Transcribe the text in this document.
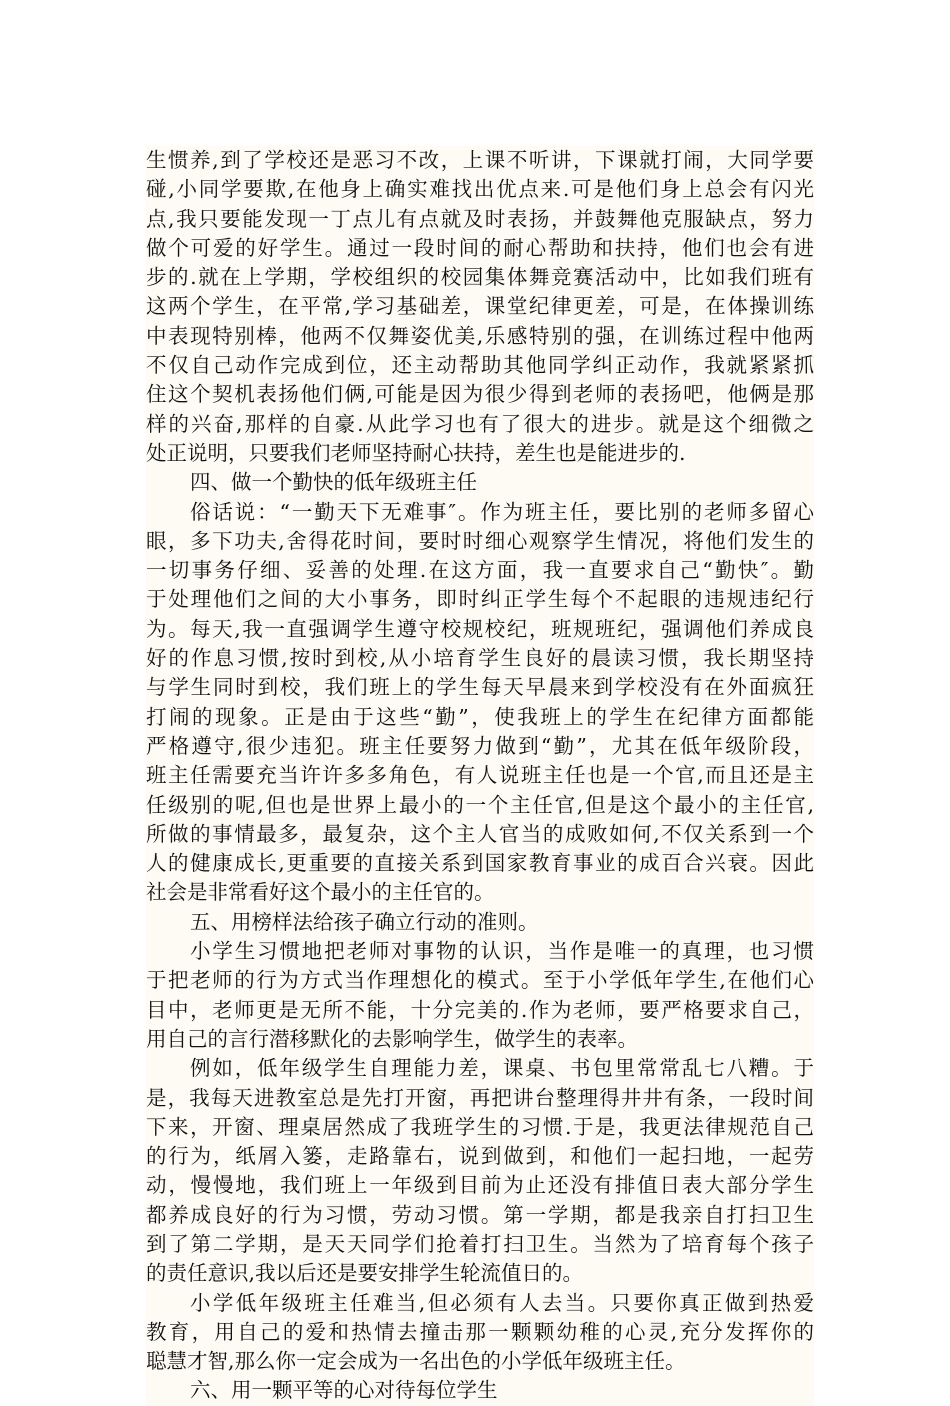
生惯养,到了学校还是恶习不改，上课不听讲，下课就打闹，大同学要
碰,小同学要欺,在他身上确实难找出优点来.可是他们身上总会有闪光
点,我只要能发现一丁点儿有点就及时表扬，并鼓舞他克服缺点，努力
做个可爱的好学生。通过一段时间的耐心帮助和扶持，他们也会有进
步的.就在上学期，学校组织的校园集体舞竞赛活动中，比如我们班有
这两个学生，在平常,学习基础差，课堂纪律更差，可是，在体操训练
中表现特别棒，他两不仅舞姿优美,乐感特别的强，在训练过程中他两
不仅自己动作完成到位，还主动帮助其他同学纠正动作，我就紧紧抓
住这个契机表扬他们俩,可能是因为很少得到老师的表扬吧，他俩是那
样的兴奋,那样的自豪.从此学习也有了很大的进步。就是这个细微之
处正说明，只要我们老师坚持耐心扶持，差生也是能进步的.
四、做一个勤快的低年级班主任
俗话说：“一勤天下无难事″。作为班主任，要比别的老师多留心
眼，多下功夫,舍得花时间，要时时细心观察学生情况，将他们发生的
一切事务仔细、妥善的处理.在这方面，我一直要求自己“勤快″。勤
于处理他们之间的大小事务，即时纠正学生每个不起眼的违规违纪行
为。每天,我一直强调学生遵守校规校纪，班规班纪，强调他们养成良
好的作息习惯,按时到校,从小培育学生良好的晨读习惯，我长期坚持
与学生同时到校，我们班上的学生每天早晨来到学校没有在外面疯狂
打闹的现象。正是由于这些“勤”，使我班上的学生在纪律方面都能
严格遵守,很少违犯。班主任要努力做到“勤”，尤其在低年级阶段，
班主任需要充当许许多多角色，有人说班主任也是一个官,而且还是主
任级别的呢,但也是世界上最小的一个主任官,但是这个最小的主任官,
所做的事情最多，最复杂，这个主人官当的成败如何,不仅关系到一个
人的健康成长,更重要的直接关系到国家教育事业的成百合兴衰。因此
社会是非常看好这个最小的主任官的。
五、用榜样法给孩子确立行动的准则。
小学生习惯地把老师对事物的认识，当作是唯一的真理，也习惯
于把老师的行为方式当作理想化的模式。至于小学低年学生,在他们心
目中，老师更是无所不能，十分完美的.作为老师，要严格要求自己，
用自己的言行潜移默化的去影响学生，做学生的表率。
例如，低年级学生自理能力差，课桌、书包里常常乱七八糟。于
是，我每天进教室总是先打开窗，再把讲台整理得井井有条，一段时间
下来，开窗、理桌居然成了我班学生的习惯.于是，我更法律规范自己
的行为，纸屑入篓，走路靠右，说到做到，和他们一起扫地，一起劳
动，慢慢地，我们班上一年级到目前为止还没有排值日表大部分学生
都养成良好的行为习惯，劳动习惯。第一学期，都是我亲自打扫卫生
到了第二学期，是天天同学们抢着打扫卫生。当然为了培育每个孩子
的责任意识,我以后还是要安排学生轮流值日的。
小学低年级班主任难当,但必须有人去当。只要你真正做到热爱
教育，用自己的爱和热情去撞击那一颗颗幼稚的心灵,充分发挥你的
聪慧才智,那么你一定会成为一名出色的小学低年级班主任。
六、用一颗平等的心对待每位学生
